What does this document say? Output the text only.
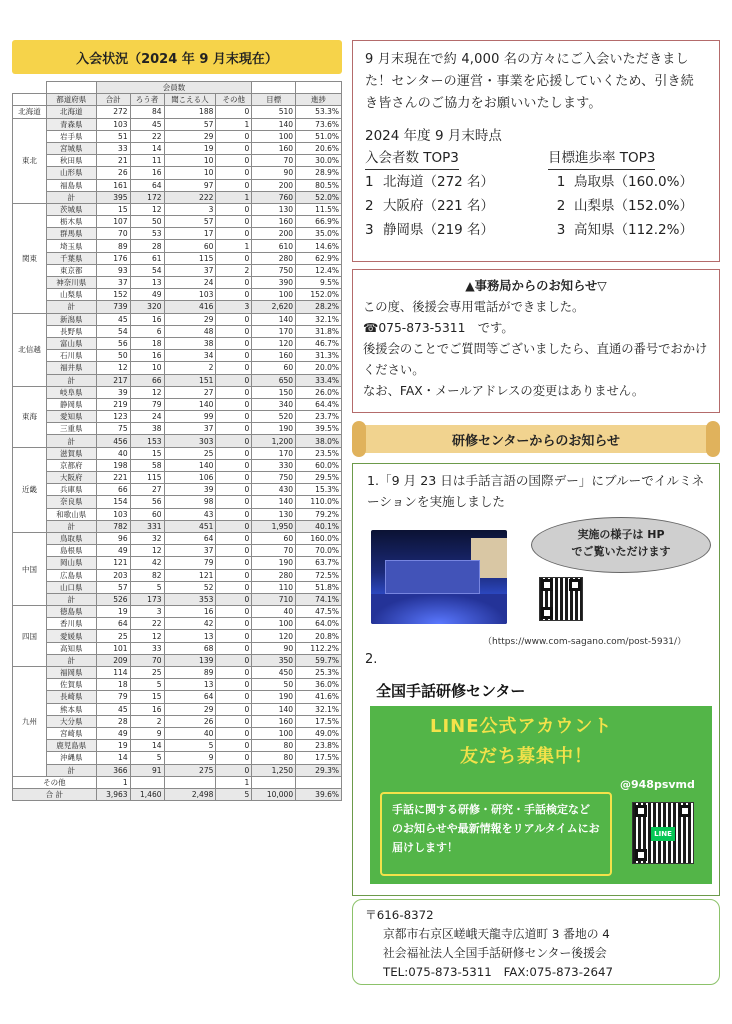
入会状況（2024 年 9 月末現在）
		会員数					
	都道府県	合計	ろう者	聞こえる人	その他	目標	進捗
北海道	北海道	272	84	188	0	510	53.3%
東北	青森県	103	45	57	1	140	73.6%
	岩手県	51	22	29	0	100	51.0%
	宮城県	33	14	19	0	160	20.6%
	秋田県	21	11	10	0	70	30.0%
	山形県	26	16	10	0	90	28.9%
	福島県	161	64	97	0	200	80.5%
	計	395	172	222	1	760	52.0%
関東	茨城県	15	12	3	0	130	11.5%
	栃木県	107	50	57	0	160	66.9%
	群馬県	70	53	17	0	200	35.0%
	埼玉県	89	28	60	1	610	14.6%
	千葉県	176	61	115	0	280	62.9%
	東京都	93	54	37	2	750	12.4%
	神奈川県	37	13	24	0	390	9.5%
	山梨県	152	49	103	0	100	152.0%
	計	739	320	416	3	2,620	28.2%
北信越	新潟県	45	16	29	0	140	32.1%
	長野県	54	6	48	0	170	31.8%
	富山県	56	18	38	0	120	46.7%
	石川県	50	16	34	0	160	31.3%
	福井県	12	10	2	0	60	20.0%
	計	217	66	151	0	650	33.4%
東海	岐阜県	39	12	27	0	150	26.0%
	静岡県	219	79	140	0	340	64.4%
	愛知県	123	24	99	0	520	23.7%
	三重県	75	38	37	0	190	39.5%
	計	456	153	303	0	1,200	38.0%
近畿	滋賀県	40	15	25	0	170	23.5%
	京都府	198	58	140	0	330	60.0%
	大阪府	221	115	106	0	750	29.5%
	兵庫県	66	27	39	0	430	15.3%
	奈良県	154	56	98	0	140	110.0%
	和歌山県	103	60	43	0	130	79.2%
	計	782	331	451	0	1,950	40.1%
中国	鳥取県	96	32	64	0	60	160.0%
	島根県	49	12	37	0	70	70.0%
	岡山県	121	42	79	0	190	63.7%
	広島県	203	82	121	0	280	72.5%
	山口県	57	5	52	0	110	51.8%
	計	526	173	353	0	710	74.1%
四国	徳島県	19	3	16	0	40	47.5%
	香川県	64	22	42	0	100	64.0%
	愛媛県	25	12	13	0	120	20.8%
	高知県	101	33	68	0	90	112.2%
	計	209	70	139	0	350	59.7%
九州	福岡県	114	25	89	0	450	25.3%
	佐賀県	18	5	13	0	50	36.0%
	長崎県	79	15	64	0	190	41.6%
	熊本県	45	16	29	0	140	32.1%
	大分県	28	2	26	0	160	17.5%
	宮崎県	49	9	40	0	100	49.0%
	鹿児島県	19	14	5	0	80	23.8%
	沖縄県	14	5	9	0	80	17.5%
	計	366	91	275	0	1,250	29.3%
その他		1			1		
合 計		3,963	1,460	2,498	5	10,000	39.6%
9 月末現在で約 4,000 名の方々にご入会いただきました！センターの運営・事業を応援していくため、引き続き皆さんのご協力をお願いいたします。
2024 年度 9 月末時点
入会者数 TOP3
1 北海道（272 名）
2 大阪府（221 名）
3 静岡県（219 名）
目標進歩率 TOP3
1 鳥取県（160.0%）
2 山梨県（152.0%）
3 高知県（112.2%）
▲事務局からのお知らせ▽
この度、後援会専用電話ができました。
☎075-873-5311　です。
後援会のことでご質問等ございましたら、直通の番号でおかけください。
なお、FAX・メールアドレスの変更はありません。
研修センターからのお知らせ
1.「9 月 23 日は手話言語の国際デー」にブルーでイルミネーションを実施しました
実施の様子は HP
でご覧いただけます
（https://www.com-sagano.com/post-5931/）
2.
全国手話研修センター
LINE公式アカウント
友だち募集中！
@948psvmd
手話に関する研修・研究・手話検定などのお知らせや最新情報をリアルタイムにお届けします！
LINE
〒616-8372
京都市右京区嵯峨天龍寺広道町 3 番地の 4
社会福祉法人全国手話研修センター後援会
TEL:075-873-5311　FAX:075-873-2647
